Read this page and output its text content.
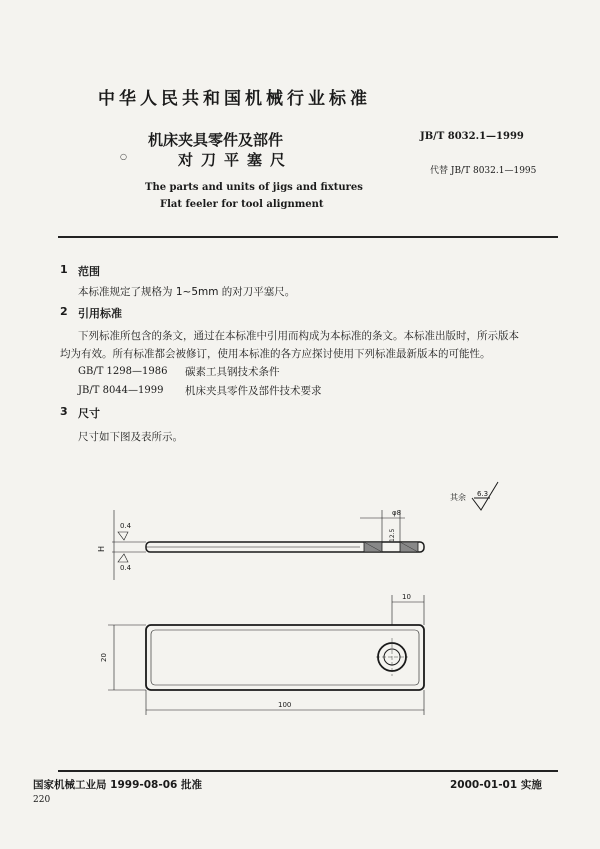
中华人民共和国机械行业标准
机床夹具零件及部件
对刀平塞尺
○
JB/T 8032.1—1999
代替 JB/T 8032.1—1995
The parts and units of jigs and fixtures
Flat feeler for tool alignment
1 范围
本标准规定了规格为 1~5mm 的对刀平塞尺。
2 引用标准
下列标准所包含的条文，通过在本标准中引用而构成为本标准的条文。本标准出版时，所示版本
均为有效。所有标准都会被修订，使用本标准的各方应探讨使用下列标准最新版本的可能性。
GB/T 1298—1986 碳素工具钢技术条件
JB/T 8044—1999 机床夹具零件及部件技术要求
3 尺寸
尺寸如下图及表所示。
其余 6.3
H
0.4
0.4
φ8
12.5
10
20
100
国家机械工业局 1999-08-06 批准	2000-01-01 实施
220
